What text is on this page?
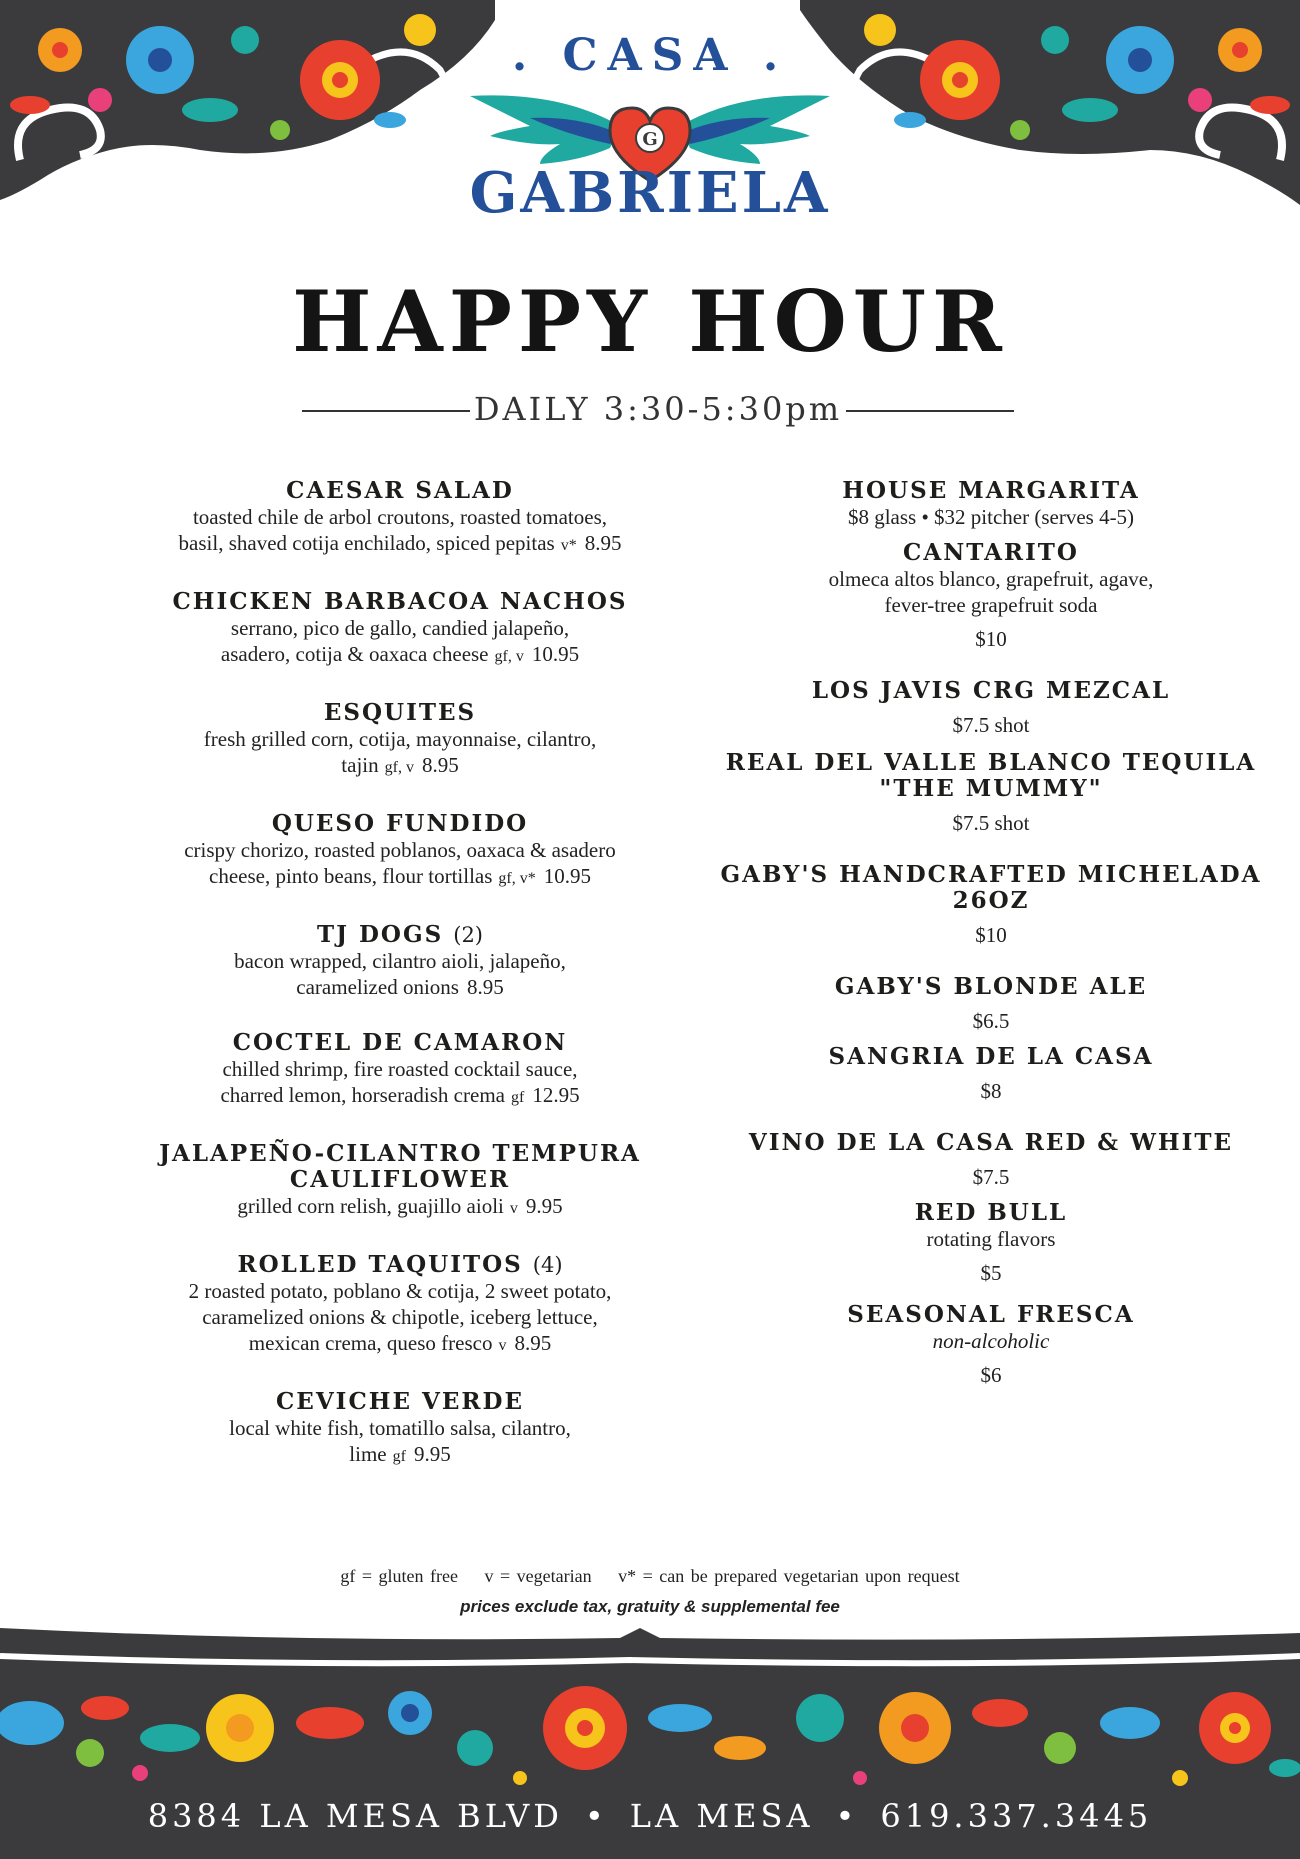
. CASA .
G
GABRIELA
HAPPY HOUR
DAILY 3:30-5:30pm
CAESAR SALAD
toasted chile de arbol croutons, roasted tomatoes,
basil, shaved cotija enchilado, spiced pepitas v* 8.95
CHICKEN BARBACOA NACHOS
serrano, pico de gallo, candied jalapeño,
asadero, cotija & oaxaca cheese gf, v 10.95
ESQUITES
fresh grilled corn, cotija, mayonnaise, cilantro,
tajin gf, v 8.95
QUESO FUNDIDO
crispy chorizo, roasted poblanos, oaxaca & asadero
cheese, pinto beans, flour tortillas gf, v* 10.95
TJ DOGS (2)
bacon wrapped, cilantro aioli, jalapeño,
caramelized onions 8.95
COCTEL DE CAMARON
chilled shrimp, fire roasted cocktail sauce,
charred lemon, horseradish crema gf 12.95
JALAPEÑO-CILANTRO TEMPURA CAULIFLOWER
grilled corn relish, guajillo aioli v 9.95
ROLLED TAQUITOS (4)
2 roasted potato, poblano & cotija, 2 sweet potato,
caramelized onions & chipotle, iceberg lettuce,
mexican crema, queso fresco v 8.95
CEVICHE VERDE
local white fish, tomatillo salsa, cilantro,
lime gf 9.95
HOUSE MARGARITA
$8 glass • $32 pitcher (serves 4-5)
CANTARITO
olmeca altos blanco, grapefruit, agave,
fever-tree grapefruit soda
$10
LOS JAVIS CRG MEZCAL
$7.5 shot
REAL DEL VALLE BLANCO TEQUILA "THE MUMMY"
$7.5 shot
GABY'S HANDCRAFTED MICHELADA 26OZ
$10
GABY'S BLONDE ALE
$6.5
SANGRIA DE LA CASA
$8
VINO DE LA CASA RED & WHITE
$7.5
RED BULL
rotating flavors
$5
SEASONAL FRESCA
non-alcoholic
$6
gf = gluten free v = vegetarian v* = can be prepared vegetarian upon request
prices exclude tax, gratuity & supplemental fee
8384 LA MESA BLVD • LA MESA • 619.337.3445
